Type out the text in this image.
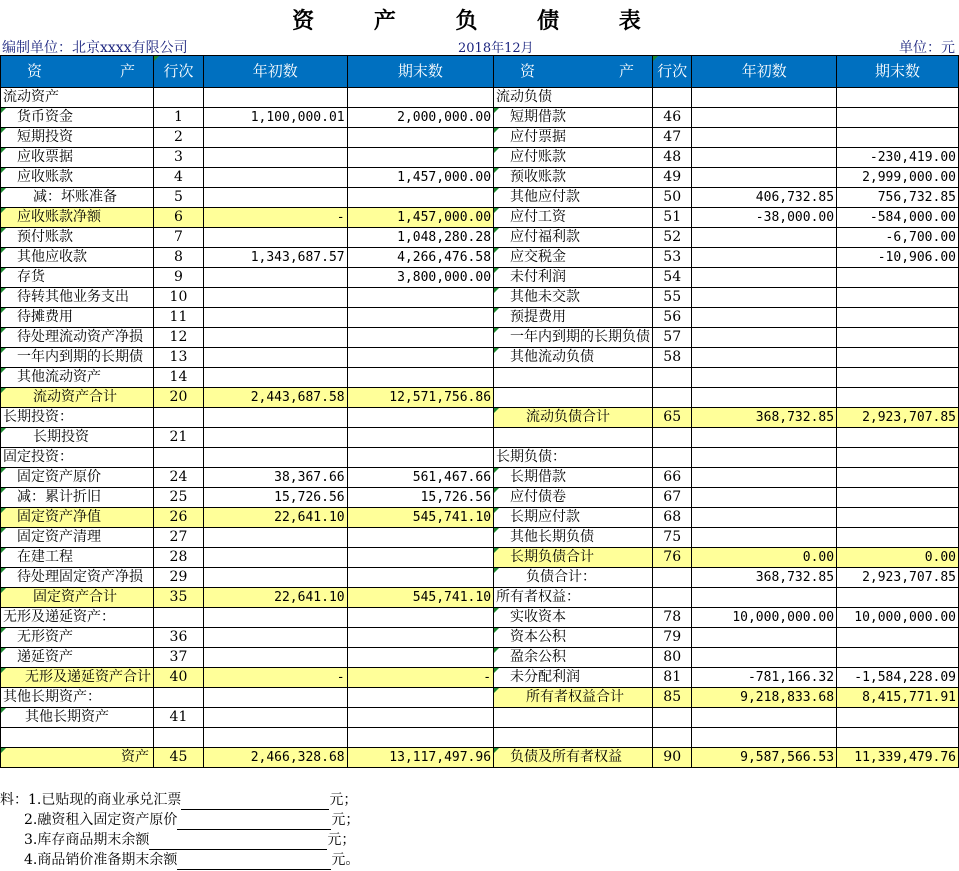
资 产 负 债 表
编制单位：北京xxxx有限公司	2018年12月	单位：元
资 产	行次	年初数	期末数	资 产	行次	年初数	期末数
流动资产				流动负债			
货币资金	1	1,100,000.01	2,000,000.00	短期借款	46		
短期投资	2			应付票据	47		
应收票据	3			应付账款	48		-230,419.00
应收账款	4		1,457,000.00	预收账款	49		2,999,000.00
减：坏账准备	5			其他应付款	50	406,732.85	756,732.85
应收账款净额	6	-	1,457,000.00	应付工资	51	-38,000.00	-584,000.00
预付账款	7		1,048,280.28	应付福利款	52		-6,700.00
其他应收款	8	1,343,687.57	4,266,476.58	应交税金	53		-10,906.00
存货	9		3,800,000.00	未付利润	54		
待转其他业务支出	10			其他未交款	55		
待摊费用	11			预提费用	56		
待处理流动资产净损	12			一年内到期的长期负债	57		
一年内到期的长期债	13			其他流动负债	58		
其他流动资产	14						
流动资产合计	20	2,443,687.58	12,571,756.86				
长期投资：				流动负债合计	65	368,732.85	2,923,707.85
长期投资	21						
固定投资：				长期负债：			
固定资产原价	24	38,367.66	561,467.66	长期借款	66		
减：累计折旧	25	15,726.56	15,726.56	应付债卷	67		
固定资产净值	26	22,641.10	545,741.10	长期应付款	68		
固定资产清理	27			其他长期负债	75		
在建工程	28			长期负债合计	76	0.00	0.00
待处理固定资产净损	29			负债合计：		368,732.85	2,923,707.85
固定资产合计	35	22,641.10	545,741.10	所有者权益：			
无形及递延资产：				实收资本	78	10,000,000.00	10,000,000.00
无形资产	36			资本公积	79		
递延资产	37			盈余公积	80		
无形及递延资产合计	40	-	-	未分配利润	81	-781,166.32	-1,584,228.09
其他长期资产：				所有者权益合计	85	9,218,833.68	8,415,771.91
其他长期资产	41						

资产	45	2,466,328.68	13,117,497.96	负债及所有者权益	90	9,587,566.53	11,339,479.76
料：1.已贴现的商业承兑汇票	元；
2.融资租入固定资产原价	元；
3.库存商品期末余额	元；
4.商品销价准备期末余额	元。
